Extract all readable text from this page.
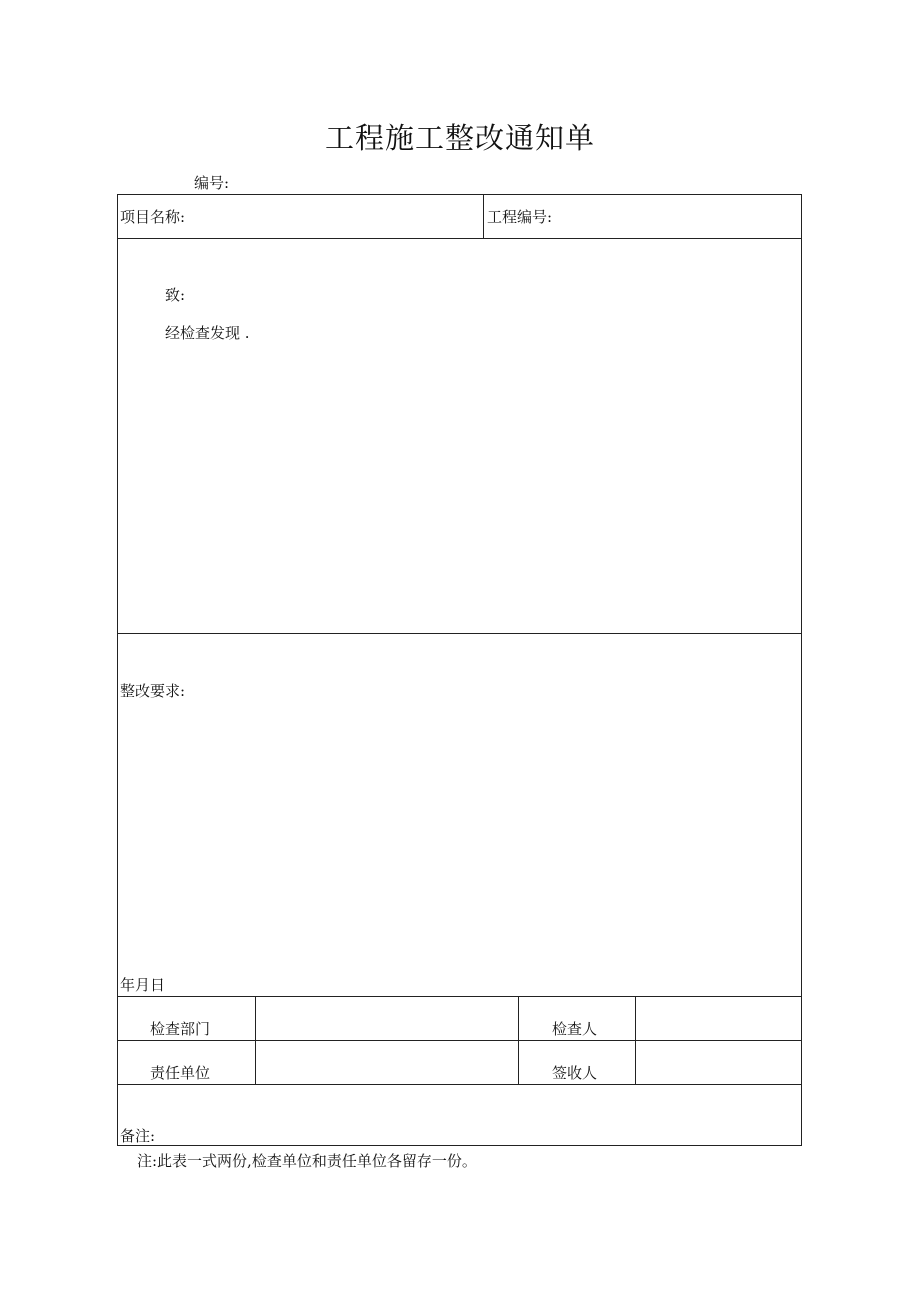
工程施工整改通知单
编号:
项目名称:	工程编号:
致:
经检查发现 .
整改要求:
年月日
检查部门	检查人
责任单位	签收人
备注:
注:此表一式两份,检查单位和责任单位各留存一份。
